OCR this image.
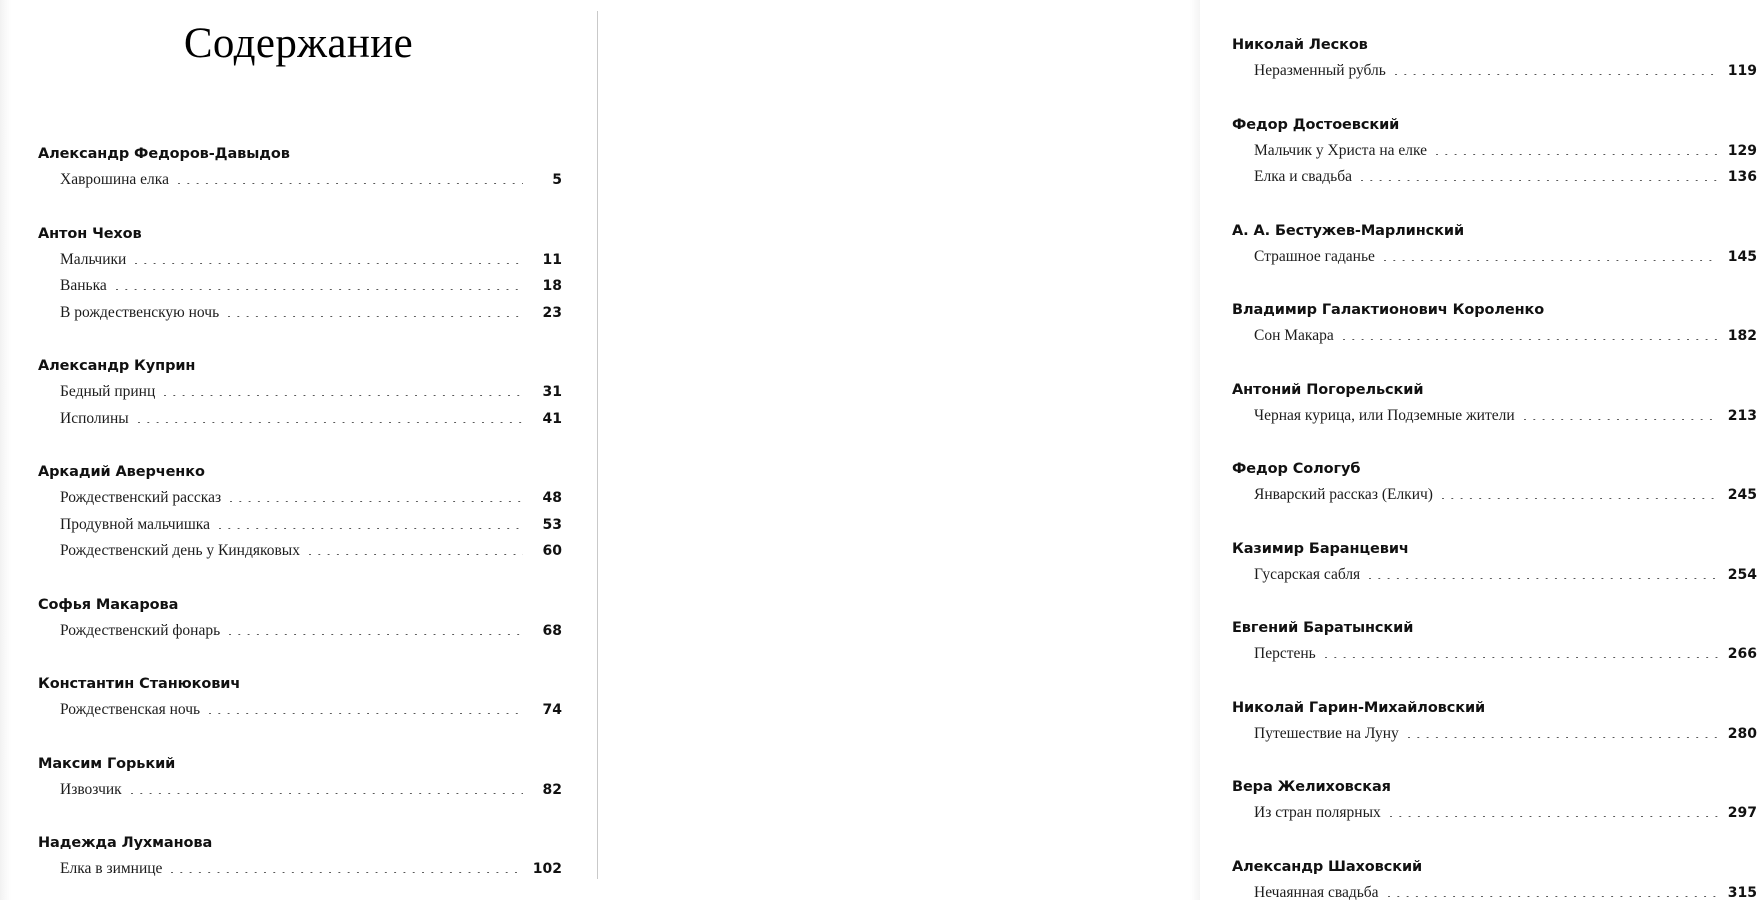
Содержание
Александр Федоров-Давыдов
Хаврошина елка	5
Антон Чехов
Мальчики	11
Ванька	18
В рождественскую ночь	23
Александр Куприн
Бедный принц	31
Исполины	41
Аркадий Аверченко
Рождественский рассказ	48
Продувной мальчишка	53
Рождественский день у Киндяковых	60
Софья Макарова
Рождественский фонарь	68
Константин Станюкович
Рождественская ночь	74
Максим Горький
Извозчик	82
Надежда Лухманова
Елка в зимнице	102
Николай Лесков
Неразменный рубль	119
Федор Достоевский
Мальчик у Христа на елке	129
Елка и свадьба	136
А. А. Бестужев-Марлинский
Страшное гаданье	145
Владимир Галактионович Короленко
Сон Макара	182
Антоний Погорельский
Черная курица, или Подземные жители	213
Федор Сологуб
Январский рассказ (Елкич)	245
Казимир Баранцевич
Гусарская сабля	254
Евгений Баратынский
Перстень	266
Николай Гарин-Михайловский
Путешествие на Луну	280
Вера Желиховская
Из стран полярных	297
Александр Шаховский
Нечаянная свадьба	315
